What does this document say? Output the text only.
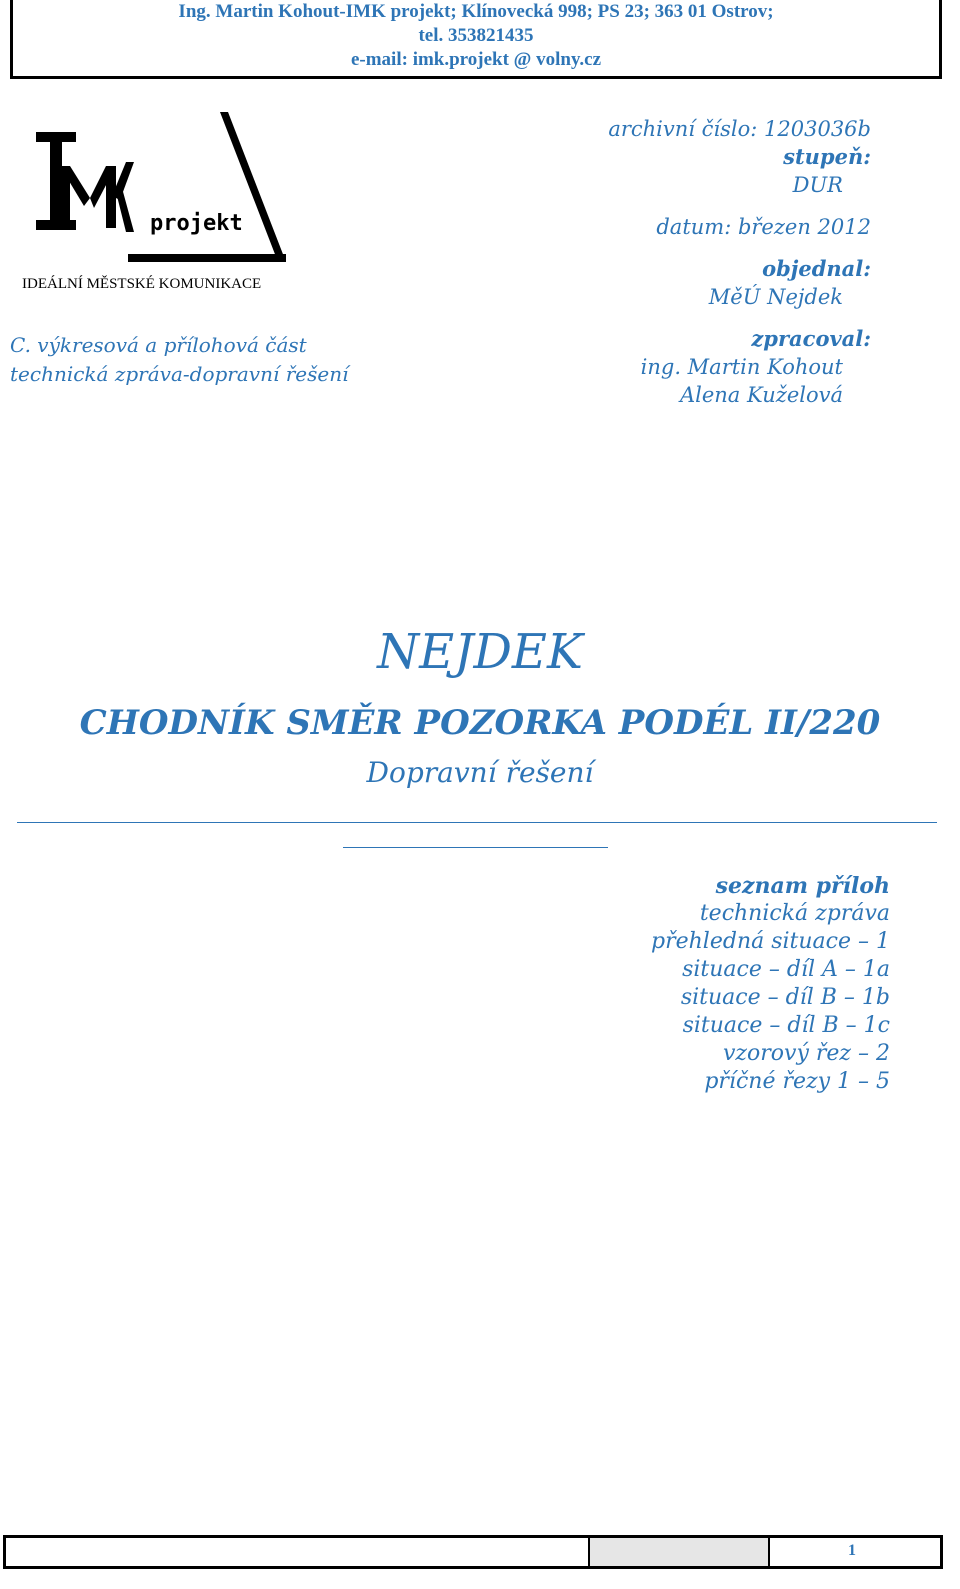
Ing. Martin Kohout-IMK projekt; Klínovecká 998; PS 23; 363 01 Ostrov;
tel. 353821435
e-mail: imk.projekt @ volny.cz
projekt
IDEÁLNÍ MĚSTSKÉ KOMUNIKACE
C. výkresová a přílohová část
technická zpráva-dopravní řešení
archivní číslo: 1203036b
stupeň:
DUR
datum: březen 2012
objednal:
MěÚ Nejdek
zpracoval:
ing. Martin Kohout
Alena Kuželová
NEJDEK
CHODNÍK SMĚR POZORKA PODÉL II/220
Dopravní řešení
seznam příloh
technická zpráva
přehledná situace – 1
situace – díl A – 1a
situace – díl B – 1b
situace – díl B – 1c
vzorový řez – 2
příčné řezy 1 – 5
1
